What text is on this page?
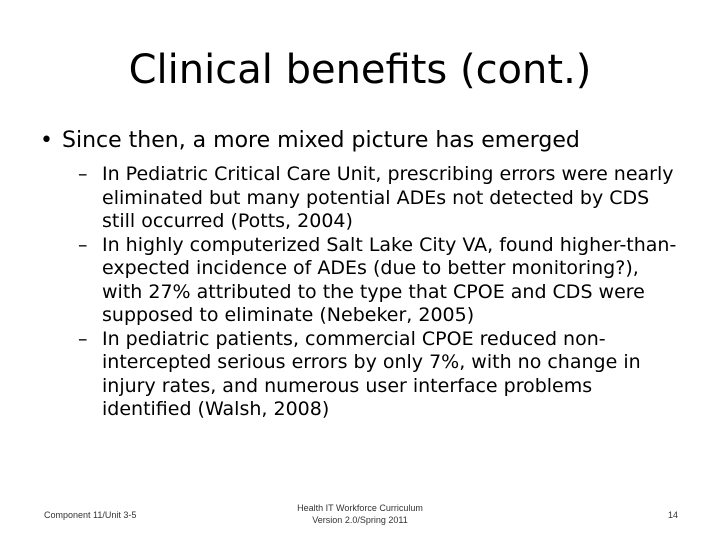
Clinical benefits (cont.)

• Since then, a more mixed picture has emerged

– In Pediatric Critical Care Unit, prescribing errors were nearly eliminated but many potential ADEs not detected by CDS still occurred (Potts, 2004)
– In highly computerized Salt Lake City VA, found higher-than-expected incidence of ADEs (due to better monitoring?), with 27% attributed to the type that CPOE and CDS were supposed to eliminate (Nebeker, 2005)
– In pediatric patients, commercial CPOE reduced non-intercepted serious errors by only 7%, with no change in injury rates, and numerous user interface problems identified (Walsh, 2008)
Component 11/Unit 3-5
Health IT Workforce Curriculum
Version 2.0/Spring 2011	14
